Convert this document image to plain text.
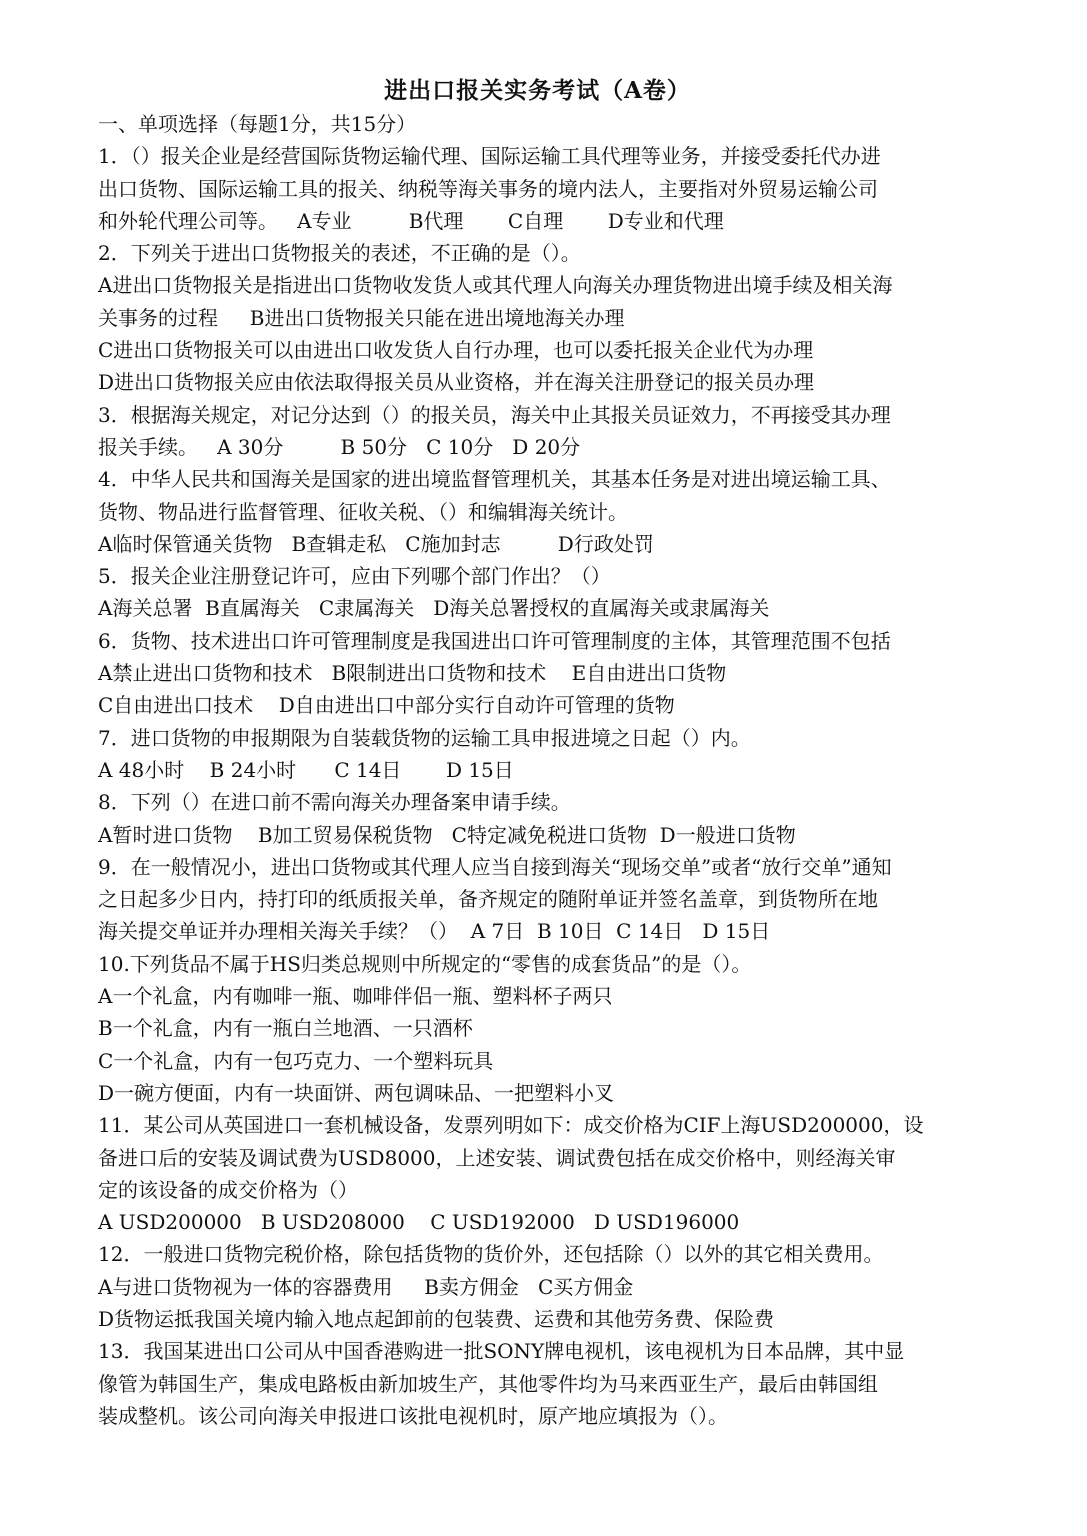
进出口报关实务考试（A卷）

一、单项选择（每题1分，共15分）

1．（）报关企业是经营国际货物运输代理、国际运输工具代理等业务，并接受委托代办进

出口货物、国际运输工具的报关、纳税等海关事务的境内法人，主要指对外贸易运输公司

和外轮代理公司等。   A专业         B代理       C自理       D专业和代理

2．下列关于进出口货物报关的表述，不正确的是（）。

A进出口货物报关是指进出口货物收发货人或其代理人向海关办理货物进出境手续及相关海

关事务的过程     B进出口货物报关只能在进出境地海关办理

C进出口货物报关可以由进出口收发货人自行办理，也可以委托报关企业代为办理

D进出口货物报关应由依法取得报关员从业资格，并在海关注册登记的报关员办理

3．根据海关规定，对记分达到（）的报关员，海关中止其报关员证效力，不再接受其办理

报关手续。   A 30分         B 50分   C 10分   D 20分

4．中华人民共和国海关是国家的进出境监督管理机关，其基本任务是对进出境运输工具、

货物、物品进行监督管理、征收关税、（）和编辑海关统计。

A临时保管通关货物   B查辑走私   C施加封志         D行政处罚

5．报关企业注册登记许可，应由下列哪个部门作出？（）

A海关总署  B直属海关   C隶属海关   D海关总署授权的直属海关或隶属海关

6．货物、技术进出口许可管理制度是我国进出口许可管理制度的主体，其管理范围不包括

A禁止进出口货物和技术   B限制进出口货物和技术    E自由进出口货物

C自由进出口技术    D自由进出口中部分实行自动许可管理的货物

7．进口货物的申报期限为自装载货物的运输工具申报进境之日起（）内。

A 48小时    B 24小时      C 14日       D 15日

8．下列（）在进口前不需向海关办理备案申请手续。

A暂时进口货物    B加工贸易保税货物   C特定减免税进口货物  D一般进口货物

9．在一般情况小，进出口货物或其代理人应当自接到海关“现场交单”或者“放行交单”通知

之日起多少日内，持打印的纸质报关单，备齐规定的随附单证并签名盖章，到货物所在地

海关提交单证并办理相关海关手续？（）  A 7日  B 10日  C 14日   D 15日

10.下列货品不属于HS归类总规则中所规定的“零售的成套货品”的是（）。

A一个礼盒，内有咖啡一瓶、咖啡伴侣一瓶、塑料杯子两只

B一个礼盒，内有一瓶白兰地酒、一只酒杯

C一个礼盒，内有一包巧克力、一个塑料玩具

D一碗方便面，内有一块面饼、两包调味品、一把塑料小叉

11．某公司从英国进口一套机械设备，发票列明如下：成交价格为CIF上海USD200000，设

备进口后的安装及调试费为USD8000，上述安装、调试费包括在成交价格中，则经海关审

定的该设备的成交价格为（）

A USD200000   B USD208000    C USD192000   D USD196000

12．一般进口货物完税价格，除包括货物的货价外，还包括除（）以外的其它相关费用。

A与进口货物视为一体的容器费用     B卖方佣金   C买方佣金

D货物运抵我国关境内输入地点起卸前的包装费、运费和其他劳务费、保险费

13．我国某进出口公司从中国香港购进一批SONY牌电视机，该电视机为日本品牌，其中显

像管为韩国生产，集成电路板由新加坡生产，其他零件均为马来西亚生产，最后由韩国组

装成整机。该公司向海关申报进口该批电视机时，原产地应填报为（）。
